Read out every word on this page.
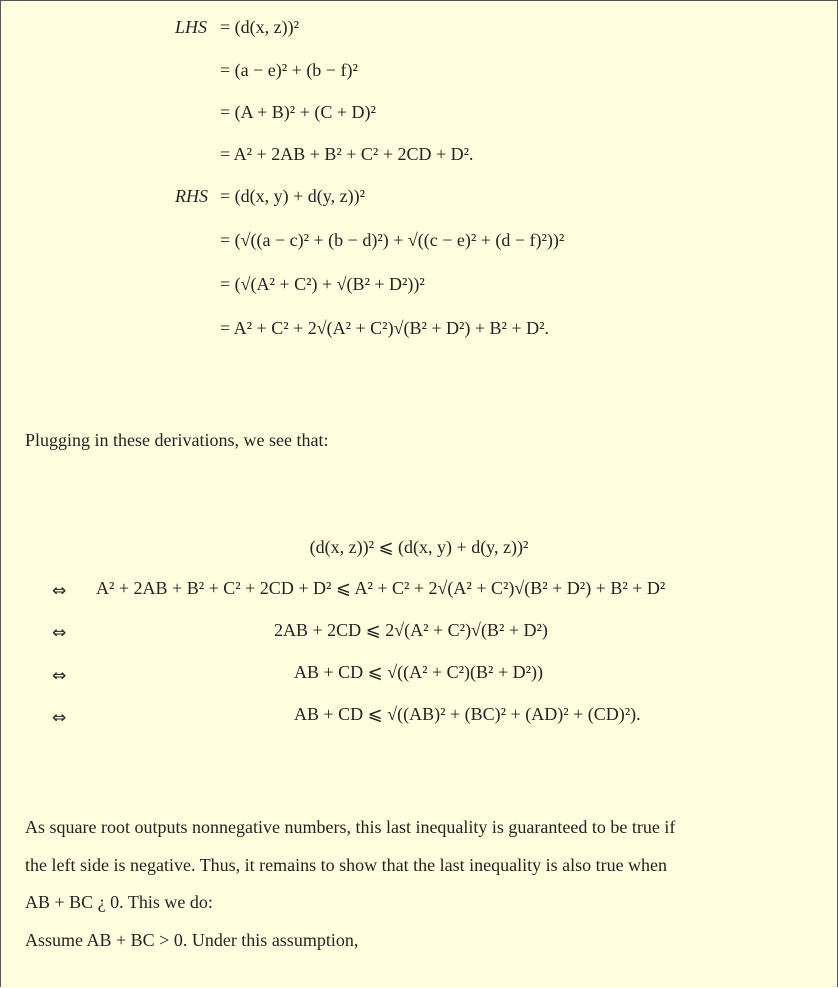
LHS = (d(x, z))²
= (a − e)² + (b − f)²
= (A + B)² + (C + D)²
= A² + 2AB + B² + C² + 2CD + D².
RHS = (d(x, y) + d(y, z))²
= (√((a − c)² + (b − d)²) + √((c − e)² + (d − f)²))²
= (√(A² + C²) + √(B² + D²))²
= A² + C² + 2√(A² + C²)√(B² + D²) + B² + D².
Plugging in these derivations, we see that:
(d(x, z))² ⩽ (d(x, y) + d(y, z))²
⇔ A² + 2AB + B² + C² + 2CD + D² ⩽ A² + C² + 2√(A² + C²)√(B² + D²) + B² + D²
⇔	2AB + 2CD ⩽ 2√(A² + C²)√(B² + D²)
⇔	AB + CD ⩽ √((A² + C²)(B² + D²))
⇔	AB + CD ⩽ √((AB)² + (BC)² + (AD)² + (CD)²).
As square root outputs nonnegative numbers, this last inequality is guaranteed to be true if
the left side is negative. Thus, it remains to show that the last inequality is also true when
AB + BC ¿ 0. This we do:
Assume AB + BC > 0. Under this assumption,
